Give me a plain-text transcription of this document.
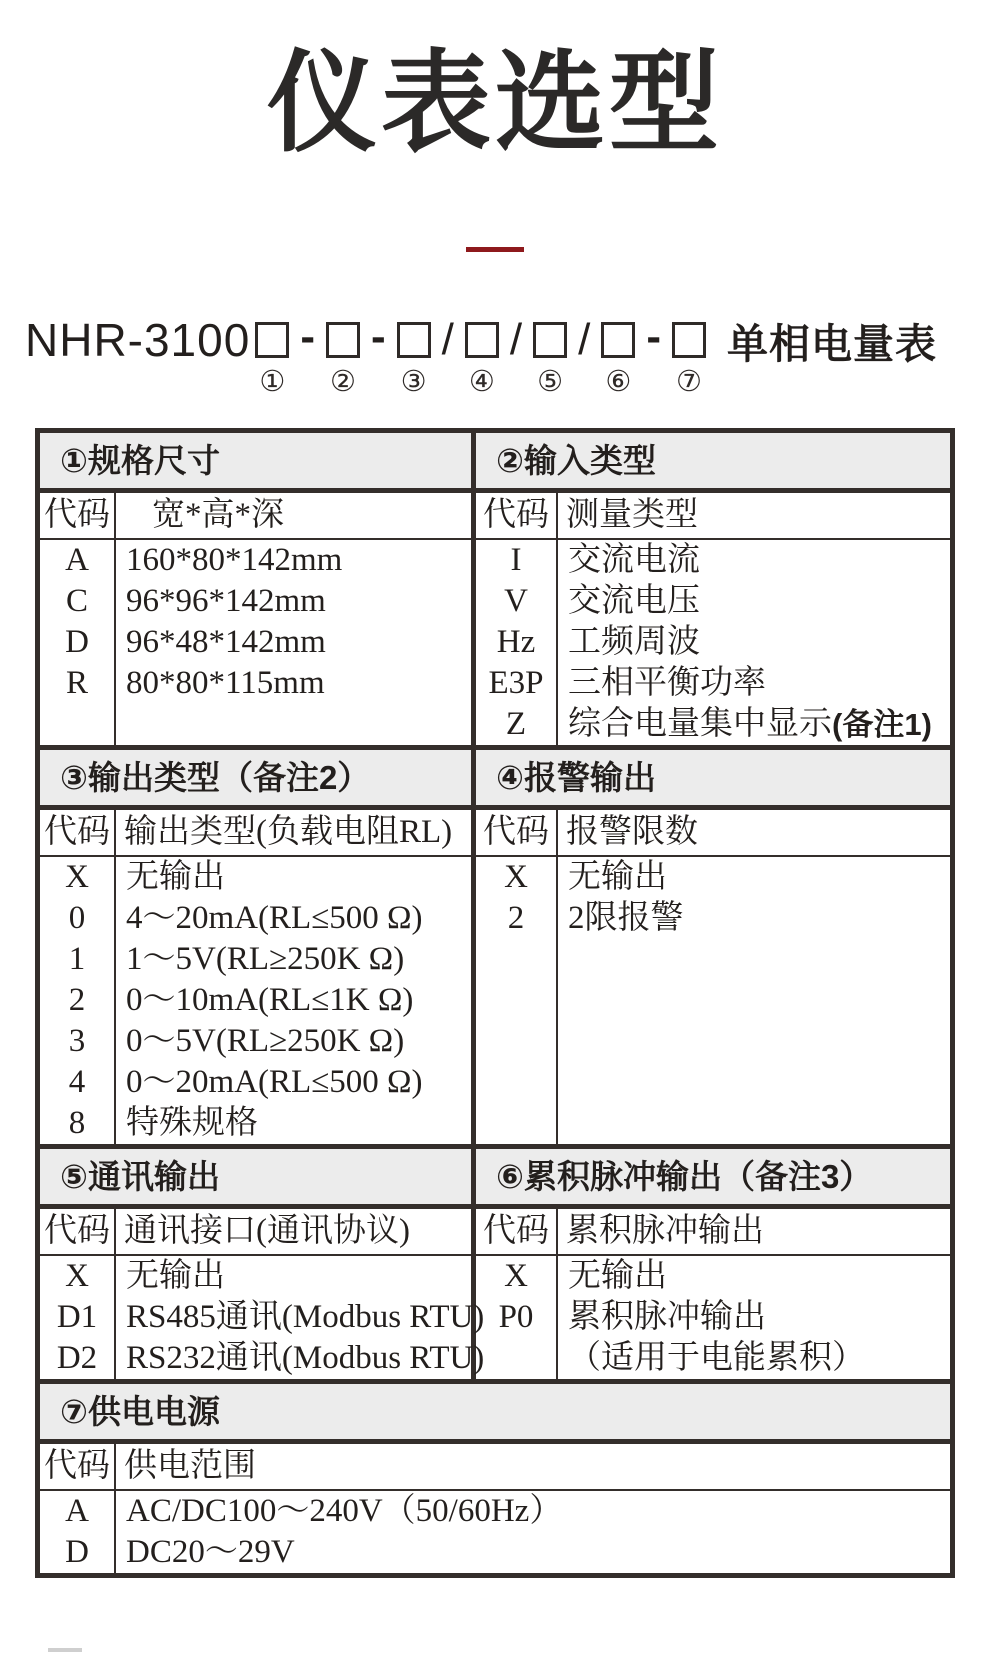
仪表选型
NHR-3100
①
-
②
-
③
/
④
/
⑤
/
⑥
-
⑦
单相电量表
①规格尺寸
代码	宽*高*深
A
C
D
R
160*80*142mm
96*96*142mm
96*48*142mm
80*80*115mm
③输出类型（备注2）
代码 输出类型(负载电阻RL)
X
0
1
2
3
4
8
无输出
4～20mA(RL≤500 Ω)
1～5V(RL≥250K Ω)
0～10mA(RL≤1K Ω)
0～5V(RL≥250K Ω)
0～20mA(RL≤500 Ω)
特殊规格
⑤通讯输出
代码 通讯接口(通讯协议)
X
D1
D2
无输出
RS485通讯(Modbus RTU)
RS232通讯(Modbus RTU)
②输入类型
代码 测量类型
I
V
Hz
E3P
Z
交流电流
交流电压
工频周波
三相平衡功率
综合电量集中显示 (备注1)
④报警输出
代码 报警限数
X
2
无输出
2限报警
⑥累积脉冲输出（备注3）
代码 累积脉冲输出
X
P0
无输出
累积脉冲输出
（适用于电能累积）
⑦供电电源
代码 供电范围
A
D
AC/DC100～240V（50/60Hz）
DC20～29V
